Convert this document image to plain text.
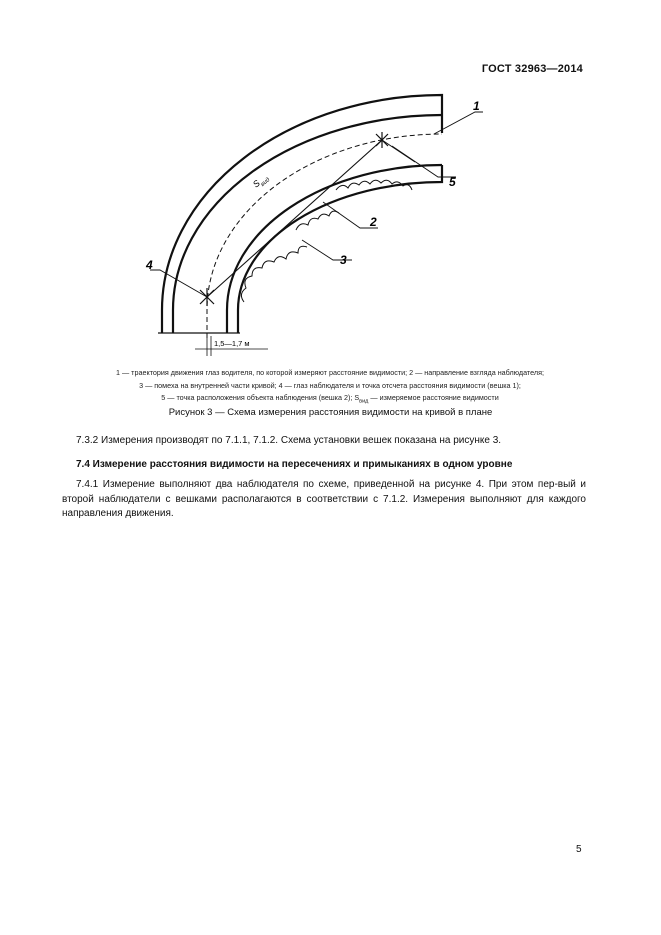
ГОСТ 32963—2014
1
5
2
3
4
S
вид
1,5—1,7 м
1 — траектория движения глаз водителя, по которой измеряют расстояние видимости; 2 — направление взгляда наблюдателя;
3 — помеха на внутренней части кривой; 4 — глаз наблюдателя и точка отсчета расстояния видимости (вешка 1);
5 — точка расположения объекта наблюдения (вешка 2); $S_{вид}$ — измеряемое расстояние видимости
Рисунок 3 — Схема измерения расстояния видимости на кривой в плане
7.3.2 Измерения производят по 7.1.1, 7.1.2. Схема установки вешек показана на рисунке 3.
7.4 Измерение расстояния видимости на пересечениях и примыканиях в одном уровне
7.4.1 Измерение выполняют два наблюдателя по схеме, приведенной на рисунке 4. При этом пер-вый и второй наблюдатели с вешками располагаются в соответствии с 7.1.2. Измерения выполняют для каждого направления движения.
5
